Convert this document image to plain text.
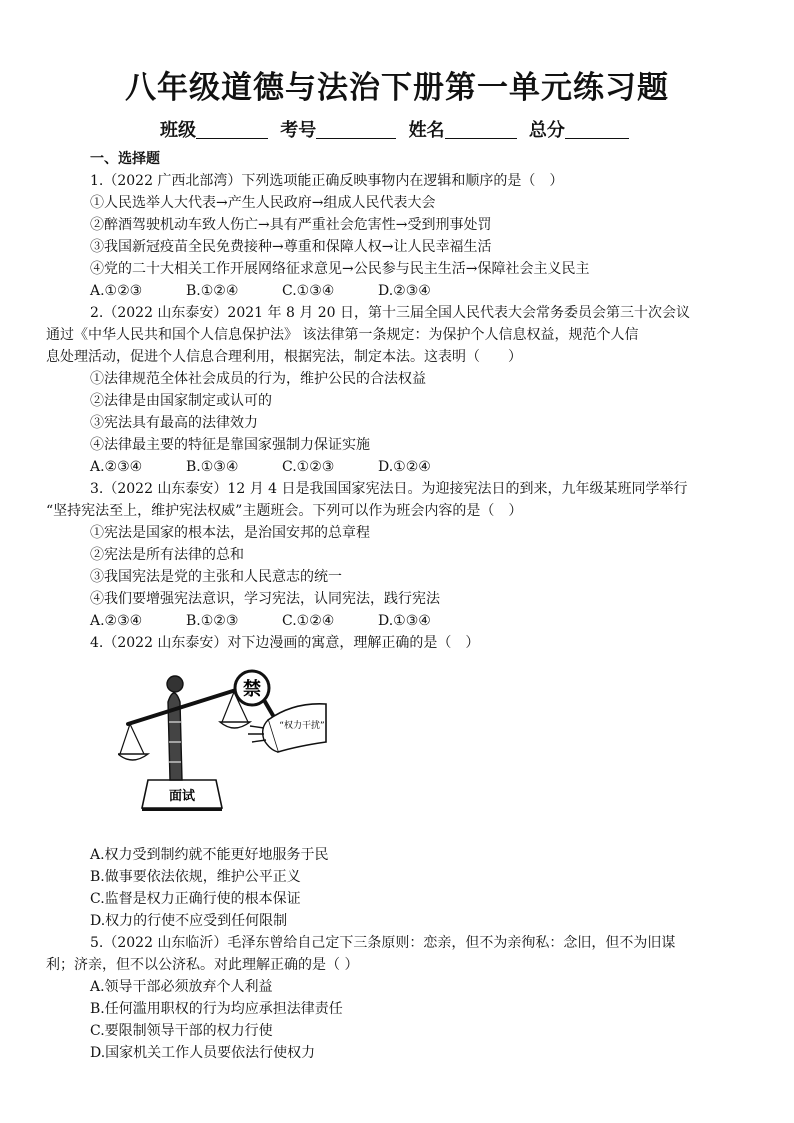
八年级道德与法治下册第一单元练习题
班级	考号	姓名	总分
一、选择题
1.（2022 广西北部湾）下列选项能正确反映事物内在逻辑和顺序的是（　）
①人民选举人大代表→产生人民政府→组成人民代表大会
②醉酒驾驶机动车致人伤亡→具有严重社会危害性→受到刑事处罚
③我国新冠疫苗全民免费接种→尊重和保障人权→让人民幸福生活
④党的二十大相关工作开展网络征求意见→公民参与民主生活→保障社会主义民主
A.①②③	B.①②④	C.①③④	D.②③④
2.（2022 山东泰安）2021 年 8 月 20 日，第十三届全国人民代表大会常务委员会第三十次会议
通过《中华人民共和国个人信息保护法》 该法律第一条规定：为保护个人信息权益，规范个人信
息处理活动，促进个人信息合理利用，根据宪法，制定本法。这表明（　　）
①法律规范全体社会成员的行为，维护公民的合法权益
②法律是由国家制定或认可的
③宪法具有最高的法律效力
④法律最主要的特征是靠国家强制力保证实施
A.②③④	B.①③④	C.①②③	D.①②④
3.（2022 山东泰安）12 月 4 日是我国国家宪法日。为迎接宪法日的到来，九年级某班同学举行
“坚持宪法至上，维护宪法权威”主题班会。下列可以作为班会内容的是（　）
①宪法是国家的根本法，是治国安邦的总章程
②宪法是所有法律的总和
③我国宪法是党的主张和人民意志的统一
④我们要增强宪法意识，学习宪法，认同宪法，践行宪法
A.②③④	B.①②③	C.①②④	D.①③④
4.（2022 山东泰安）对下边漫画的寓意，理解正确的是（　）
面试
禁
“权力干扰”
A.权力受到制约就不能更好地服务于民
B.做事要依法依规，维护公平正义
C.监督是权力正确行使的根本保证
D.权力的行使不应受到任何限制
5.（2022 山东临沂）毛泽东曾给自己定下三条原则：恋亲，但不为亲徇私：念旧，但不为旧谋
利；济亲，但不以公济私。对此理解正确的是（ ）
A.领导干部必须放弃个人利益
B.任何滥用职权的行为均应承担法律责任
C.要限制领导干部的权力行使
D.国家机关工作人员要依法行使权力
